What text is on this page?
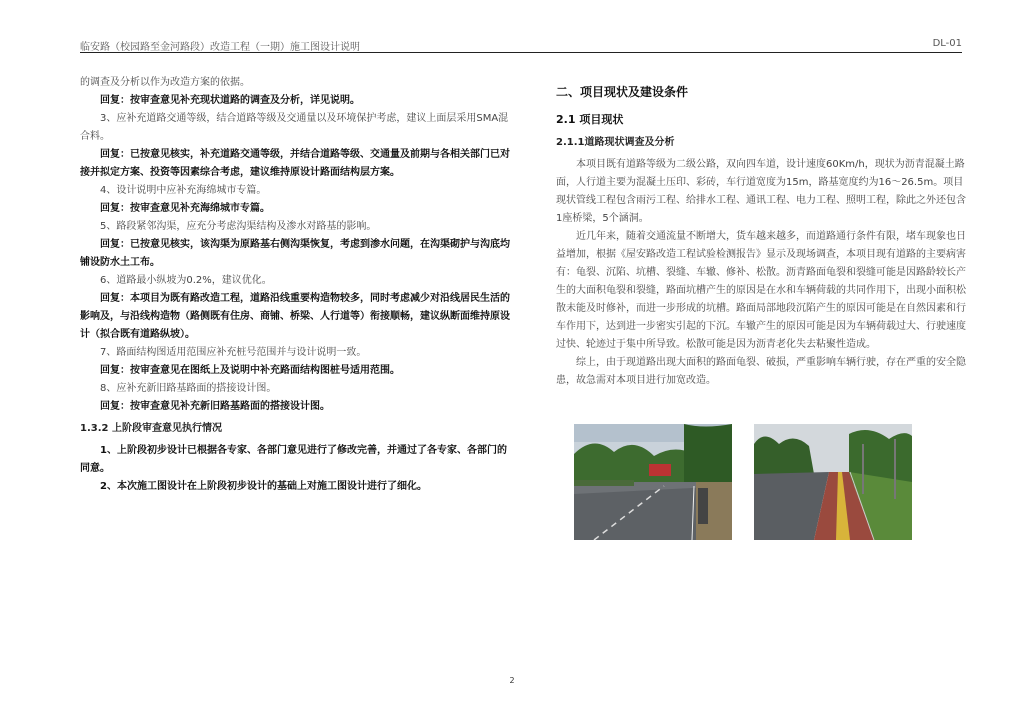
临安路（校园路至金河路段）改造工程（一期）施工图设计说明	DL-01

的调查及分析以作为改造方案的依据。

回复：按审查意见补充现状道路的调查及分析，详见说明。

3、应补充道路交通等级，结合道路等级及交通量以及环境保护考虑，建议上面层采用SMA混合料。

回复：已按意见核实，补充道路交通等级，并结合道路等级、交通量及前期与各相关部门已对接并拟定方案、投资等因素综合考虑，建议维持原设计路面结构层方案。

4、设计说明中应补充海绵城市专篇。

回复：按审查意见补充海绵城市专篇。

5、路段紧邻沟渠，应充分考虑沟渠结构及渗水对路基的影响。

回复：已按意见核实，该沟渠为原路基右侧沟渠恢复，考虑到渗水问题，在沟渠砌护与沟底均铺设防水土工布。

6、道路最小纵坡为0.2%，建议优化。

回复：本项目为既有路改造工程，道路沿线重要构造物较多，同时考虑减少对沿线居民生活的影响及，与沿线构造物（路侧既有住房、商铺、桥梁、人行道等）衔接顺畅，建议纵断面维持原设计（拟合既有道路纵坡）。

7、路面结构图适用范围应补充桩号范围并与设计说明一致。

回复：按审查意见在图纸上及说明中补充路面结构图桩号适用范围。

8、应补充新旧路基路面的搭接设计图。

回复：按审查意见补充新旧路基路面的搭接设计图。

1.3.2 上阶段审查意见执行情况

1、上阶段初步设计已根据各专家、各部门意见进行了修改完善，并通过了各专家、各部门的同意。

2、本次施工图设计在上阶段初步设计的基础上对施工图设计进行了细化。

二、项目现状及建设条件

2.1 项目现状

2.1.1道路现状调查及分析

本项目既有道路等级为二级公路，双向四车道，设计速度60Km/h，现状为沥青混凝土路面，人行道主要为混凝土压印、彩砖，车行道宽度为15m，路基宽度约为16～26.5m。项目现状管线工程包含雨污工程、给排水工程、通讯工程、电力工程、照明工程，除此之外还包含1座桥梁，5个涵洞。

近几年来，随着交通流量不断增大，货车越来越多，而道路通行条件有限，堵车现象也日益增加，根据《屋安路改造工程试验检测报告》显示及现场调查，本项目现有道路的主要病害有：龟裂、沉陷、坑槽、裂缝、车辙、修补、松散。沥青路面龟裂和裂缝可能是因路龄较长产生的大面积龟裂和裂缝，路面坑槽产生的原因是在水和车辆荷载的共同作用下，出现小面积松散未能及时修补，而进一步形成的坑槽。路面局部地段沉陷产生的原因可能是在自然因素和行车作用下，达到进一步密实引起的下沉。车辙产生的原因可能是因为车辆荷载过大、行驶速度过快、轮迹过于集中所导致。松散可能是因为沥青老化失去粘聚性造成。

综上，由于现道路出现大面积的路面龟裂、破损，严重影响车辆行驶，存在严重的安全隐患，故急需对本项目进行加宽改造。

2
